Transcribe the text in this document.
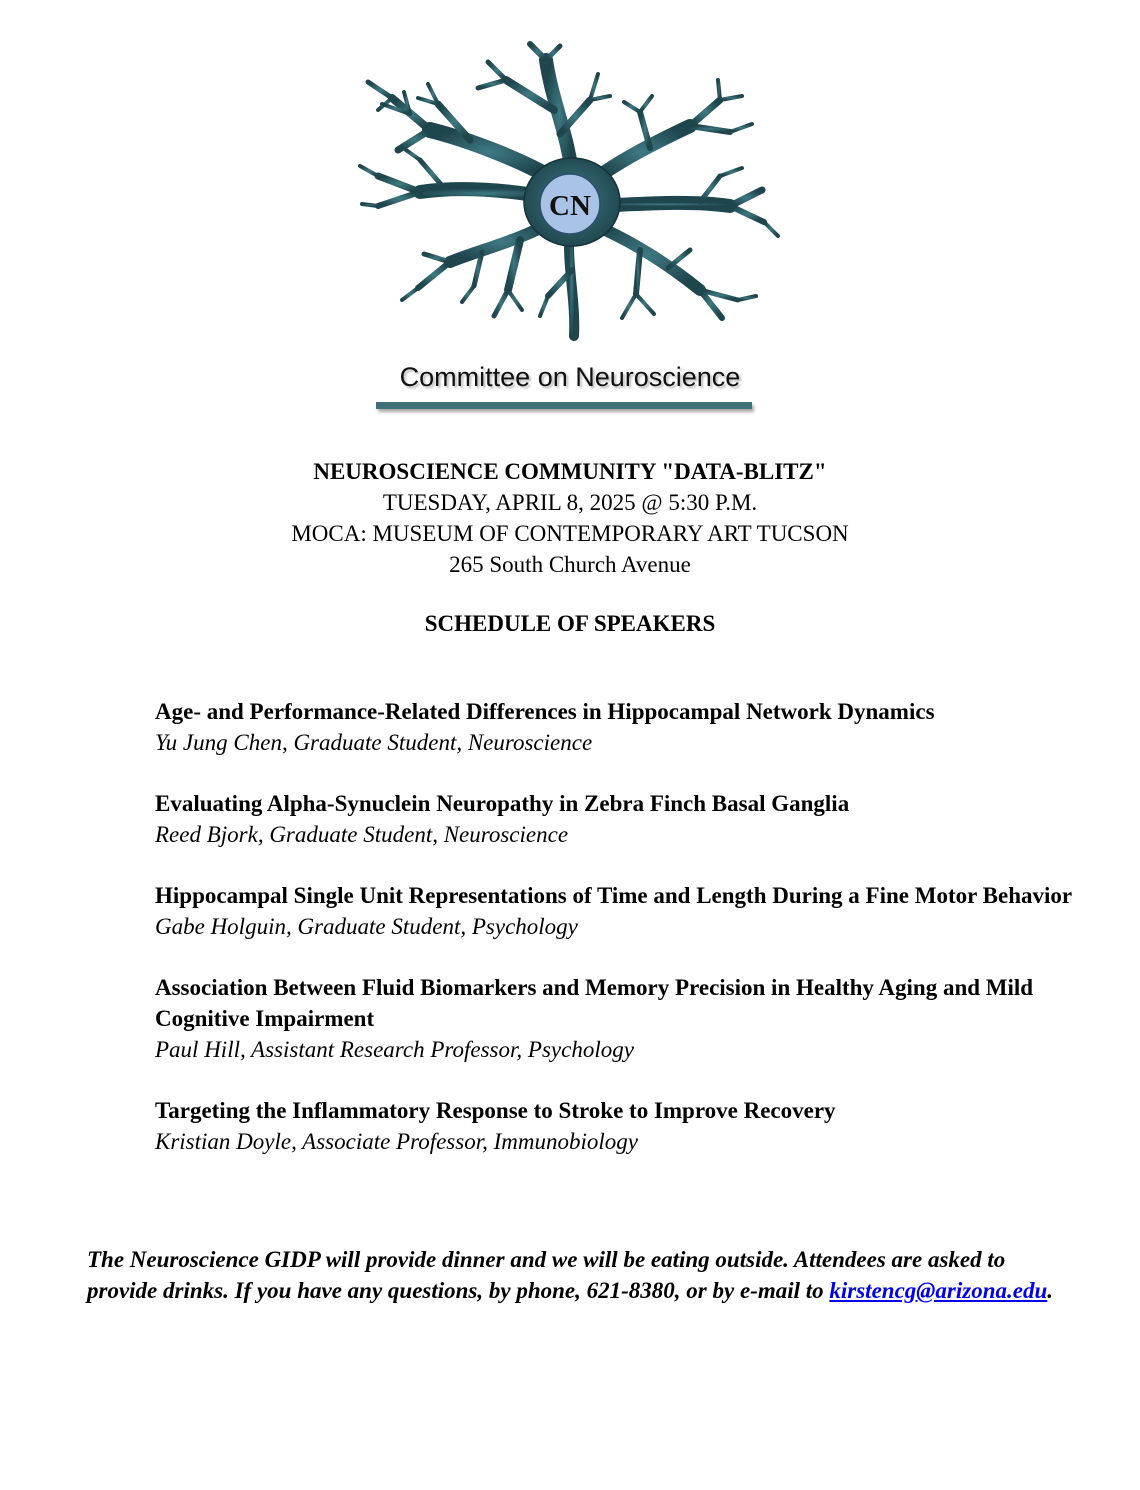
CN
Committee on Neuroscience
NEUROSCIENCE COMMUNITY "DATA-BLITZ"
TUESDAY, APRIL 8, 2025 @ 5:30 P.M.
MOCA: MUSEUM OF CONTEMPORARY ART TUCSON
265 South Church Avenue
SCHEDULE OF SPEAKERS
Age- and Performance-Related Differences in Hippocampal Network Dynamics
Yu Jung Chen, Graduate Student, Neuroscience
Evaluating Alpha-Synuclein Neuropathy in Zebra Finch Basal Ganglia
Reed Bjork, Graduate Student, Neuroscience
Hippocampal Single Unit Representations of Time and Length During a Fine Motor Behavior
Gabe Holguin, Graduate Student, Psychology
Association Between Fluid Biomarkers and Memory Precision in Healthy Aging and Mild Cognitive Impairment
Paul Hill, Assistant Research Professor, Psychology
Targeting the Inflammatory Response to Stroke to Improve Recovery
Kristian Doyle, Associate Professor, Immunobiology
The Neuroscience GIDP will provide dinner and we will be eating outside. Attendees are asked to provide drinks. If you have any questions, by phone, 621-8380, or by e-mail to kirstencg@arizona.edu.
